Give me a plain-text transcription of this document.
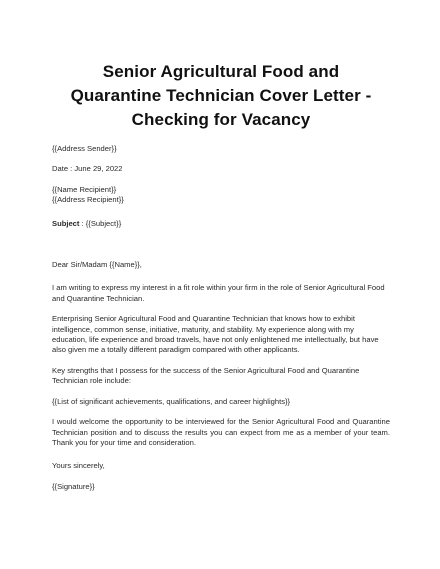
Senior Agricultural Food and
Quarantine Technician Cover Letter -
Checking for Vacancy

{{Address Sender}}

Date : June 29, 2022

{{Name Recipient}}

{{Address Recipient}}

Subject : {{Subject}}

Dear Sir/Madam {{Name}},

I am writing to express my interest in a fit role within your firm in the role of Senior Agricultural Food and Quarantine Technician.

Enterprising Senior Agricultural Food and Quarantine Technician that knows how to exhibit intelligence, common sense, initiative, maturity, and stability. My experience along with my education, life experience and broad travels, have not only enlightened me intellectually, but have also given me a totally different paradigm compared with other applicants.

Key strengths that I possess for the success of the Senior Agricultural Food and Quarantine Technician role include:

{{List of significant achievements, qualifications, and career highlights}}

I would welcome the opportunity to be interviewed for the Senior Agricultural Food and Quarantine Technician position and to discuss the results you can expect from me as a member of your team. Thank you for your time and consideration.

Yours sincerely,

{{Signature}}
